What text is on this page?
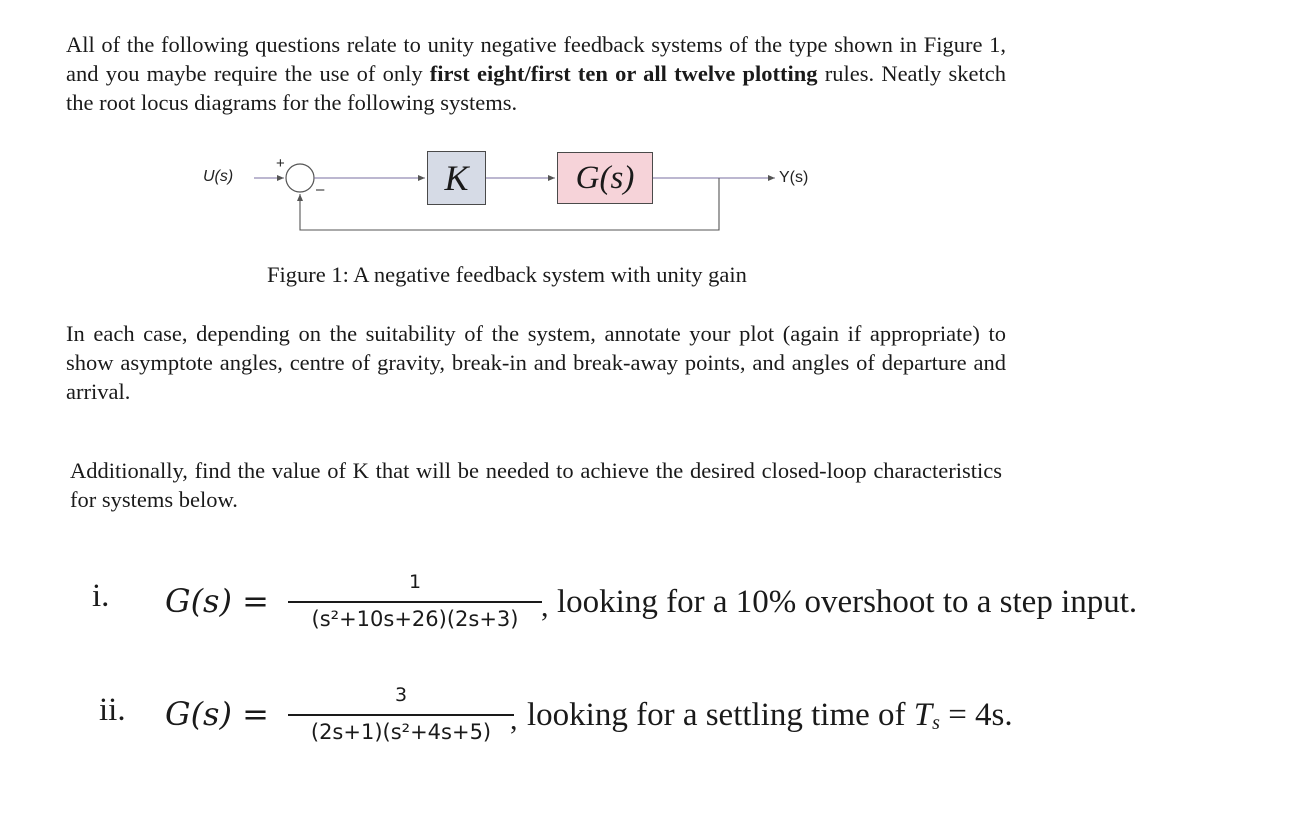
All of the following questions relate to unity negative feedback systems of the type shown in Figure 1, and you maybe require the use of only first eight/first ten or all twelve plotting rules. Neatly sketch the root locus diagrams for the following systems.

U(s)
+
–	K	G(s)	Y(s)

Figure 1: A negative feedback system with unity gain

In each case, depending on the suitability of the system, annotate your plot (again if appropriate) to show asymptote angles, centre of gravity, break-in and break-away points, and angles of departure and arrival.

Additionally, find the value of K that will be needed to achieve the desired closed-loop characteristics for systems below.

i. G(s) =	1
(s²+10s+26)(2s+3) , looking for a 10% overshoot to a step input.
ii. G(s) =	3
(2s+1)(s²+4s+5) , looking for a settling time of $T_s = 4s$.
